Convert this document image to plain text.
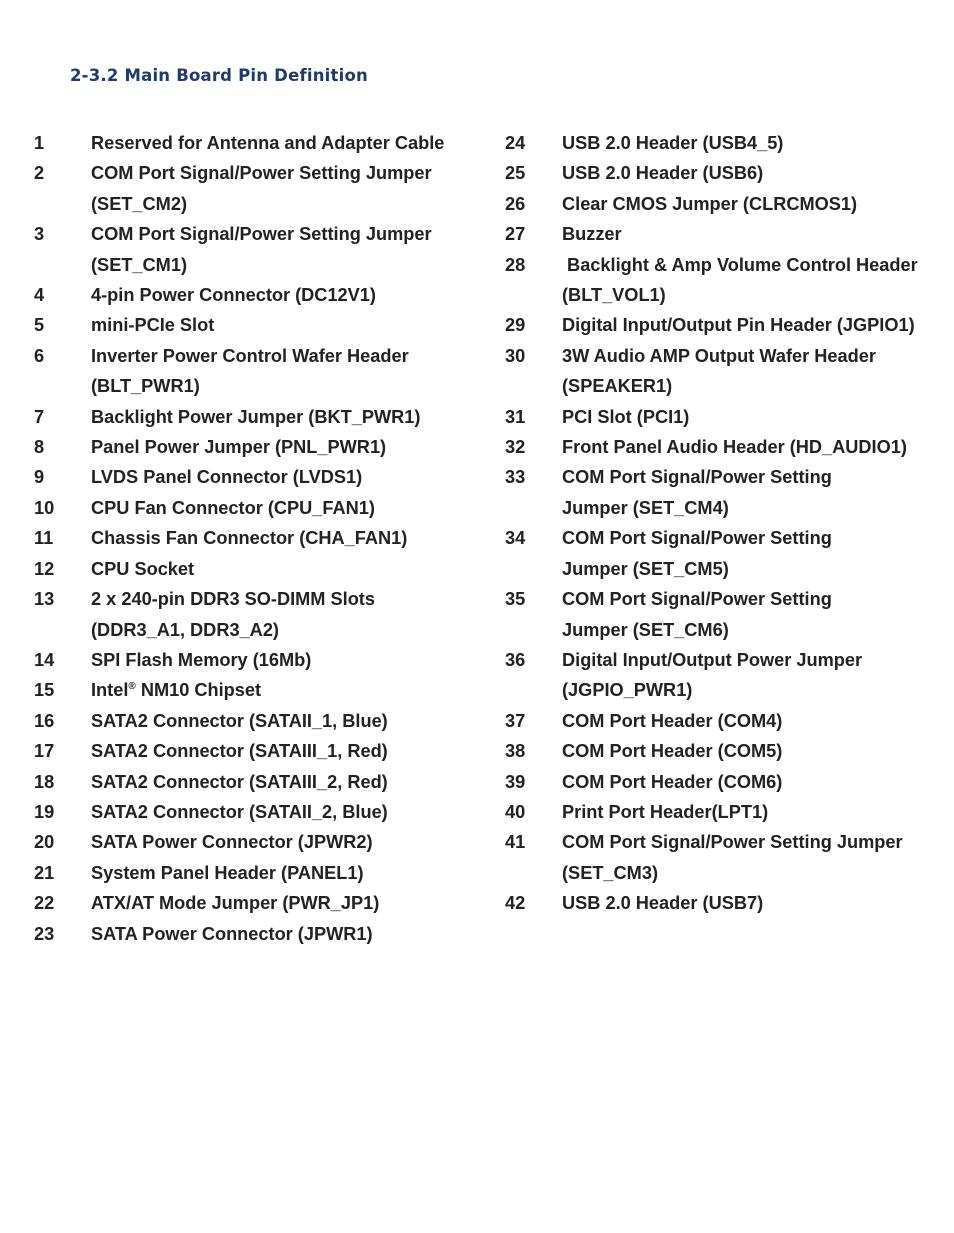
2-3.2 Main Board Pin Definition
1	Reserved for Antenna and Adapter Cable
2	COM Port Signal/Power Setting Jumper
(SET_CM2)
3	COM Port Signal/Power Setting Jumper
(SET_CM1)
4	4-pin Power Connector (DC12V1)
5	mini-PCIe Slot
6	Inverter Power Control Wafer Header
(BLT_PWR1)
7	Backlight Power Jumper (BKT_PWR1)
8	Panel Power Jumper (PNL_PWR1)
9	LVDS Panel Connector (LVDS1)
10	CPU Fan Connector (CPU_FAN1)
11	Chassis Fan Connector (CHA_FAN1)
12	CPU Socket
13	2 x 240-pin DDR3 SO-DIMM Slots
(DDR3_A1, DDR3_A2)
14	SPI Flash Memory (16Mb)
15	Intel® NM10 Chipset
16	SATA2 Connector (SATAII_1, Blue)
17	SATA2 Connector (SATAIII_1, Red)
18	SATA2 Connector (SATAIII_2, Red)
19	SATA2 Connector (SATAII_2, Blue)
20	SATA Power Connector (JPWR2)
21	System Panel Header (PANEL1)
22	ATX/AT Mode Jumper (PWR_JP1)
23	SATA Power Connector (JPWR1)
24	USB 2.0 Header (USB4_5)
25	USB 2.0 Header (USB6)
26	Clear CMOS Jumper (CLRCMOS1)
27	Buzzer
28	Backlight & Amp Volume Control Header
(BLT_VOL1)
29	Digital Input/Output Pin Header (JGPIO1)
30	3W Audio AMP Output Wafer Header
(SPEAKER1)
31	PCI Slot (PCI1)
32	Front Panel Audio Header (HD_AUDIO1)
33	COM Port Signal/Power Setting
Jumper (SET_CM4)
34	COM Port Signal/Power Setting
Jumper (SET_CM5)
35	COM Port Signal/Power Setting
Jumper (SET_CM6)
36	Digital Input/Output Power Jumper
(JGPIO_PWR1)
37	COM Port Header (COM4)
38	COM Port Header (COM5)
39	COM Port Header (COM6)
40	Print Port Header(LPT1)
41	COM Port Signal/Power Setting Jumper
(SET_CM3)
42	USB 2.0 Header (USB7)
